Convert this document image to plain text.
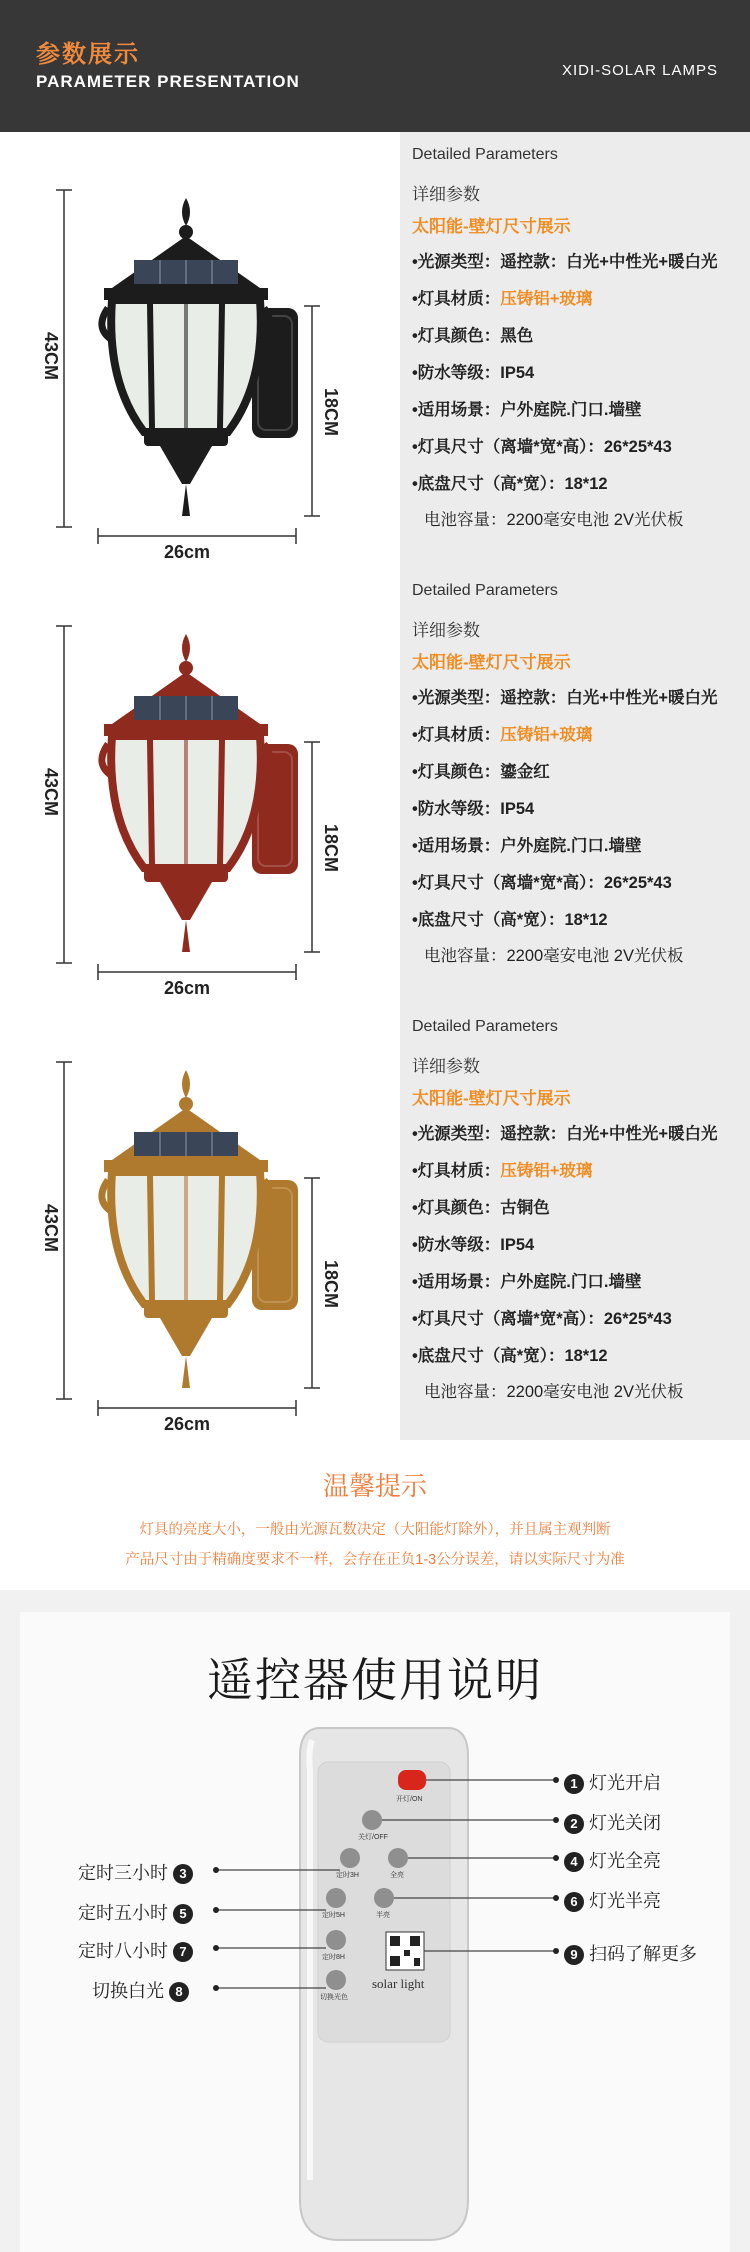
参数展示
PARAMETER PRESENTATION
XIDI-SOLAR LAMPS
43CM
18CM
26cm
Detailed Parameters
详细参数
太阳能-壁灯尺寸展示
•光源类型：遥控款：白光+中性光+暖白光
•灯具材质：压铸铝+玻璃
•灯具颜色：黑色
•防水等级：IP54
•适用场景：户外庭院.门口.墙壁
•灯具尺寸（离墙*宽*高）：26*25*43
•底盘尺寸（高*宽）：18*12
电池容量：2200毫安电池 2V光伏板
43CM
18CM
26cm
Detailed Parameters
详细参数
太阳能-壁灯尺寸展示
•光源类型：遥控款：白光+中性光+暖白光
•灯具材质：压铸铝+玻璃
•灯具颜色：鎏金红
•防水等级：IP54
•适用场景：户外庭院.门口.墙壁
•灯具尺寸（离墙*宽*高）：26*25*43
•底盘尺寸（高*宽）：18*12
电池容量：2200毫安电池 2V光伏板
43CM
18CM
26cm
Detailed Parameters
详细参数
太阳能-壁灯尺寸展示
•光源类型：遥控款：白光+中性光+暖白光
•灯具材质：压铸铝+玻璃
•灯具颜色：古铜色
•防水等级：IP54
•适用场景：户外庭院.门口.墙壁
•灯具尺寸（离墙*宽*高）：26*25*43
•底盘尺寸（高*宽）：18*12
电池容量：2200毫安电池 2V光伏板
温馨提示
灯具的亮度大小，一般由光源瓦数决定（大阳能灯除外），并且属主观判断
产品尺寸由于精确度要求不一样，会存在正负1-3公分误差，请以实际尺寸为准
遥控器使用说明
开灯/ON
关灯/OFF
定时3H	全亮
定时5H	半亮
定时8H
切换光色
solar light
1 灯光开启
2 灯光关闭
4 灯光全亮
6 灯光半亮
9 扫码了解更多
定时三小时 3
定时五小时 5
定时八小时 7
切换白光 8
